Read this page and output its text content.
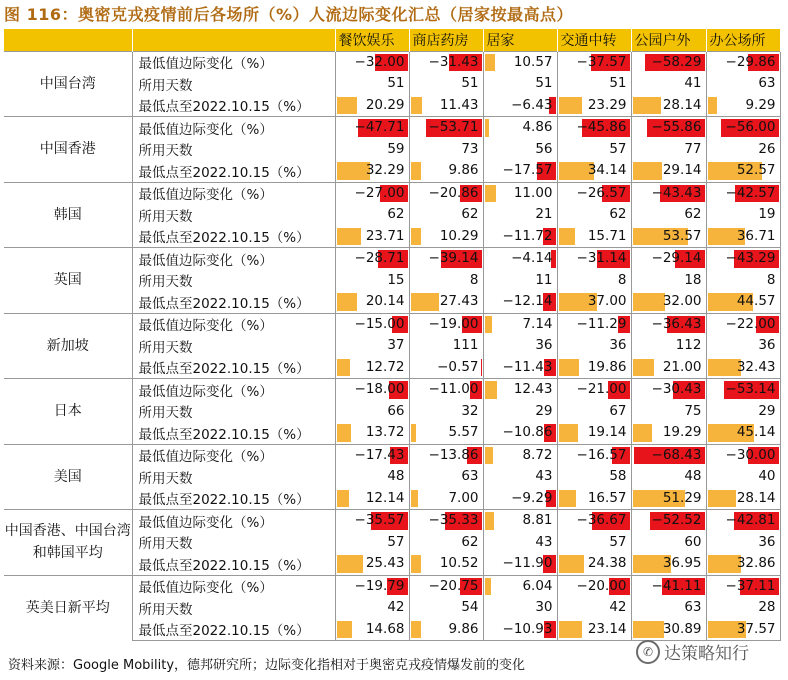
图 116：奥密克戎疫情前后各场所（%）人流边际变化汇总（居家按最高点）
		餐饮娱乐	商店药房	居家	交通中转	公园户外	办公场所
中国台湾	最低值边际变化（%）	−32.00	−31.43	10.57	−37.57	−58.29	−29.86

	所用天数	51	51	51	51	41	63

	最低点至2022.10.15（%）	20.29	11.43	−6.43	23.29	28.14	9.29

中国香港	最低值边际变化（%）	−47.71	−53.71	4.86	−45.86	−55.86	−56.00

	所用天数	59	73	56	57	77	26

	最低点至2022.10.15（%）	32.29	9.86	−17.57	34.14	29.14	52.57

韩国	最低值边际变化（%）	−27.00	−20.86	11.00	−26.57	−43.43	−42.57

	所用天数	62	62	21	62	62	19

	最低点至2022.10.15（%）	23.71	10.29	−11.72	15.71	53.57	36.71

英国	最低值边际变化（%）	−28.71	−39.14	−4.14	−31.14	−29.14	−43.29

	所用天数	15	8	11	8	18	8

	最低点至2022.10.15（%）	20.14	27.43	−12.14	37.00	32.00	44.57

新加坡	最低值边际变化（%）	−15.00	−19.00	7.14	−11.29	−36.43	−22.00

	所用天数	37	111	36	36	112	36

	最低点至2022.10.15（%）	12.72	−0.57	−11.43	19.86	21.00	32.43

日本	最低值边际变化（%）	−18.00	−11.00	12.43	−21.00	−30.43	−53.14

	所用天数	66	32	29	67	75	29

	最低点至2022.10.15（%）	13.72	5.57	−10.86	19.14	19.29	45.14

美国	最低值边际变化（%）	−17.43	−13.86	8.72	−16.57	−68.43	−30.00

	所用天数	48	63	43	58	48	40

	最低点至2022.10.15（%）	12.14	7.00	−9.29	16.57	51.29	28.14

中国香港、中国台湾和韩国平均	最低值边际变化（%）	−35.57	−35.33	8.81	−36.67	−52.52	−42.81

	所用天数	57	62	43	57	60	36

	最低点至2022.10.15（%）	25.43	10.52	−11.90	24.38	36.95	32.86

英美日新平均	最低值边际变化（%）	−19.79	−20.75	6.04	−20.00	−41.11	−37.11

	所用天数	42	54	30	42	63	28

	最低点至2022.10.15（%）	14.68	9.86	−10.93	23.14	30.89	37.57
资料来源：Google Mobility，德邦研究所；边际变化指相对于奥密克戎疫情爆发前的变化
✆ 达策略知行
